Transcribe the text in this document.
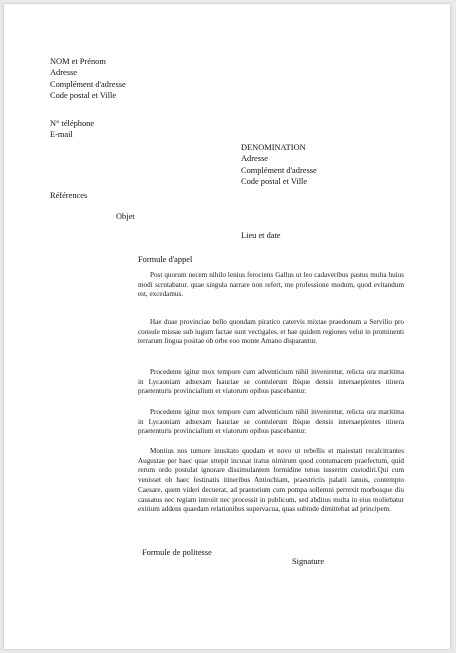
NOM et Prénom
Adresse
Complément d'adresse
Code postal et Ville
N° téléphone
E-mail
DENOMINATION
Adresse
Complément d'adresse
Code postal et Ville
Références
Objet
Lieu et date
Formule d'appel

Post quorum necem nihilo lenius ferociens Gallus ut leo cadaveribus pastus multa huius modi scrutabatur. quae singula narrare non refert, me professione modum, quod evitandum est, excedamus.

Hae duae provinciae bello quondam piratico catervis mixtae praedonum a Servilio pro consule missae sub iugum factae sunt vectigales. et hae quidem regiones velut in prominenti terrarum lingua positae ob orbe eoo monte Amano disparantur.

Procedente igitur mox tempore cum adventicium nihil inveniretur, relicta ora maritima in Lycaoniam adnexam Isauriae se contulerunt ibique densis intersaepientes itinera praetenturis provincialium et viatorum opibus pascebantur.

Procedente igitur mox tempore cum adventicium nihil inveniretur, relicta ora maritima in Lycaoniam adnexam Isauriae se contulerunt ibique densis intersaepientes itinera praetenturis provincialium et viatorum opibus pascebantur.

Montius nos tumore inusitato quodam et novo ut rebellis et maiestati recalcitrantes Augustae per haec quae strepit incusat iratus nimirum quod contumacem praefectum, quid rerum ordo postulat ignorare dissimulantem formidine tenus iusserim custodiri.Qui cum venisset ob haec festinatis itineribus Antiochiam, praestrictis palatii ianuis, contempto Caesare, quem videri decuerat, ad praetorium cum pompa sollemni perrexit morbosque diu causatus nec regiam introiit nec processit in publicum, sed abditus multa in eius moliebatur exitium addens quaedam relationibus supervacua, quas subinde dimittebat ad principem.

Formule de politesse
Signature
